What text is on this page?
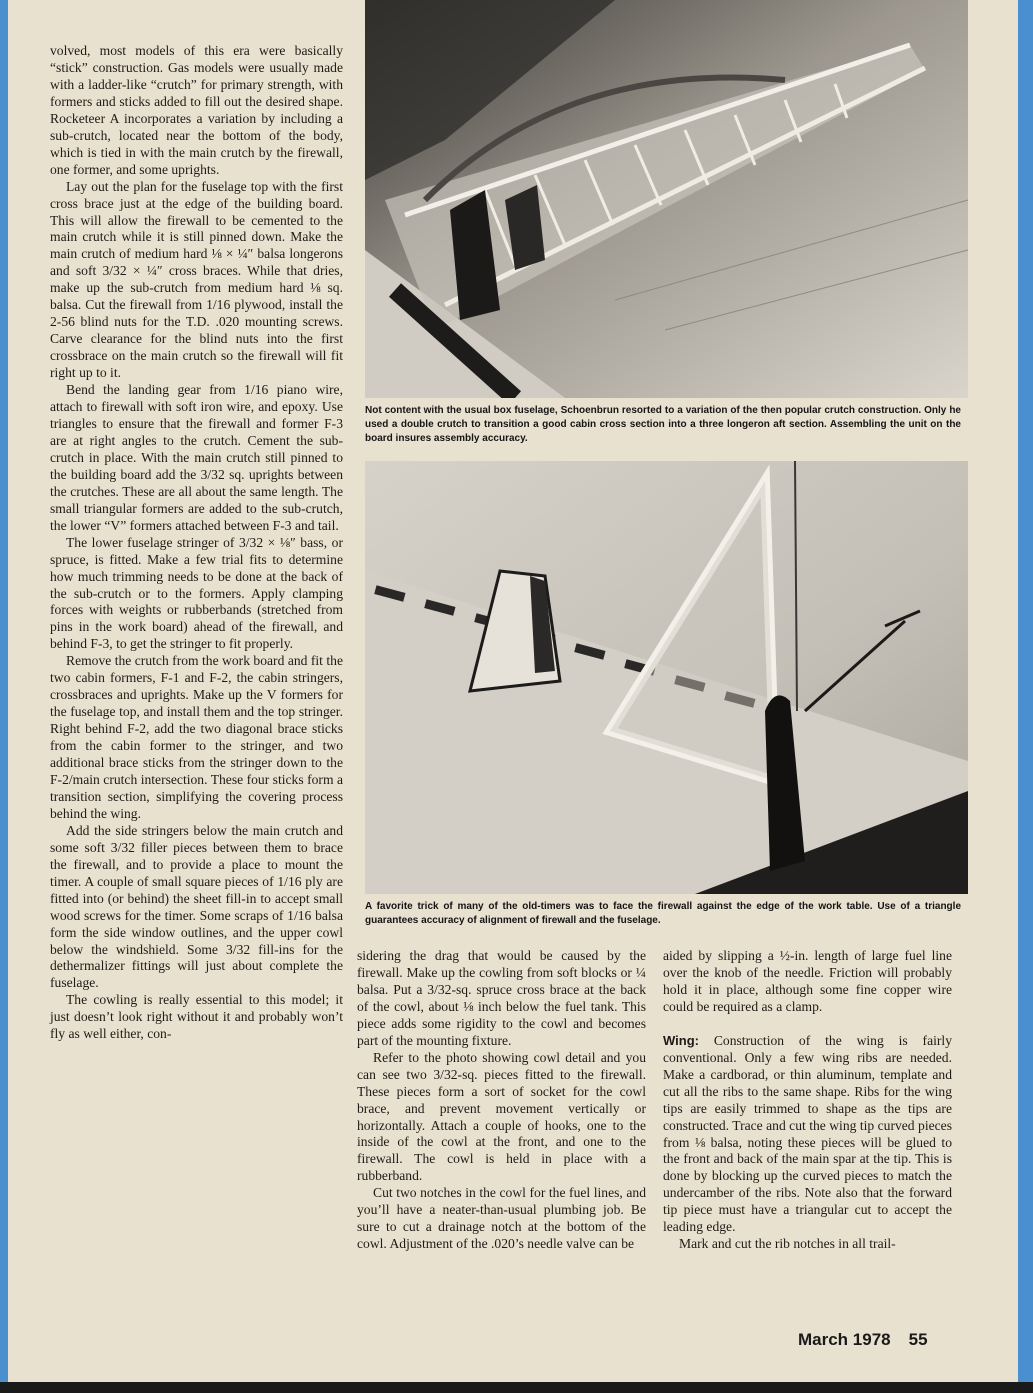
volved, most models of this era were basically “stick” construction. Gas models were usually made with a ladder-like “crutch” for primary strength, with formers and sticks added to fill out the desired shape. Rocketeer A incorporates a variation by including a sub-crutch, located near the bottom of the body, which is tied in with the main crutch by the firewall, one former, and some uprights.

Lay out the plan for the fuselage top with the first cross brace just at the edge of the building board. This will allow the firewall to be cemented to the main crutch while it is still pinned down. Make the main crutch of medium hard ⅛ × ¼″ balsa longerons and soft 3/32 × ¼″ cross braces. While that dries, make up the sub-crutch from medium hard ⅛ sq. balsa. Cut the firewall from 1/16 plywood, install the 2-56 blind nuts for the T.D. .020 mounting screws. Carve clearance for the blind nuts into the first crossbrace on the main crutch so the firewall will fit right up to it.

Bend the landing gear from 1/16 piano wire, attach to firewall with soft iron wire, and epoxy. Use triangles to ensure that the firewall and former F-3 are at right angles to the crutch. Cement the sub-crutch in place. With the main crutch still pinned to the building board add the 3/32 sq. uprights between the crutches. These are all about the same length. The small triangular formers are added to the sub-crutch, the lower “V” formers attached between F-3 and tail.

The lower fuselage stringer of 3/32 × ⅛″ bass, or spruce, is fitted. Make a few trial fits to determine how much trimming needs to be done at the back of the sub-crutch or to the formers. Apply clamping forces with weights or rubberbands (stretched from pins in the work board) ahead of the firewall, and behind F-3, to get the stringer to fit properly.

Remove the crutch from the work board and fit the two cabin formers, F-1 and F-2, the cabin stringers, crossbraces and uprights. Make up the V formers for the fuselage top, and install them and the top stringer. Right behind F-2, add the two diagonal brace sticks from the cabin former to the stringer, and two additional brace sticks from the stringer down to the F-2/main crutch intersection. These four sticks form a transition section, simplifying the covering process behind the wing.

Add the side stringers below the main crutch and some soft 3/32 filler pieces between them to brace the firewall, and to provide a place to mount the timer. A couple of small square pieces of 1/16 ply are fitted into (or behind) the sheet fill-in to accept small wood screws for the timer. Some scraps of 1/16 balsa form the side window outlines, and the upper cowl below the windshield. Some 3/32 fill-ins for the dethermalizer fittings will just about complete the fuselage.

The cowling is really essential to this model; it just doesn’t look right without it and probably won’t fly as well either, con-

Not content with the usual box fuselage, Schoenbrun resorted to a variation of the then popular crutch construction. Only he used a double crutch to transition a good cabin cross section into a three longeron aft section. Assembling the unit on the board insures assembly accuracy.
A favorite trick of many of the old-timers was to face the firewall against the edge of the work table. Use of a triangle guarantees accuracy of alignment of firewall and the fuselage.

sidering the drag that would be caused by the firewall. Make up the cowling from soft blocks or ¼ balsa. Put a 3/32-sq. spruce cross brace at the back of the cowl, about ⅛ inch below the fuel tank. This piece adds some rigidity to the cowl and becomes part of the mounting fixture.

Refer to the photo showing cowl detail and you can see two 3/32-sq. pieces fitted to the firewall. These pieces form a sort of socket for the cowl brace, and prevent movement vertically or horizontally. Attach a couple of hooks, one to the inside of the cowl at the front, and one to the firewall. The cowl is held in place with a rubberband.

Cut two notches in the cowl for the fuel lines, and you’ll have a neater-than-usual plumbing job. Be sure to cut a drainage notch at the bottom of the cowl. Adjustment of the .020’s needle valve can be

aided by slipping a ½-in. length of large fuel line over the knob of the needle. Friction will probably hold it in place, although some fine copper wire could be required as a clamp.

Wing: Construction of the wing is fairly conventional. Only a few wing ribs are needed. Make a cardborad, or thin aluminum, template and cut all the ribs to the same shape. Ribs for the wing tips are easily trimmed to shape as the tips are constructed. Trace and cut the wing tip curved pieces from ⅛ balsa, noting these pieces will be glued to the front and back of the main spar at the tip. This is done by blocking up the curved pieces to match the undercamber of the ribs. Note also that the forward tip piece must have a triangular cut to accept the leading edge.

Mark and cut the rib notches in all trail-

March 1978 55
